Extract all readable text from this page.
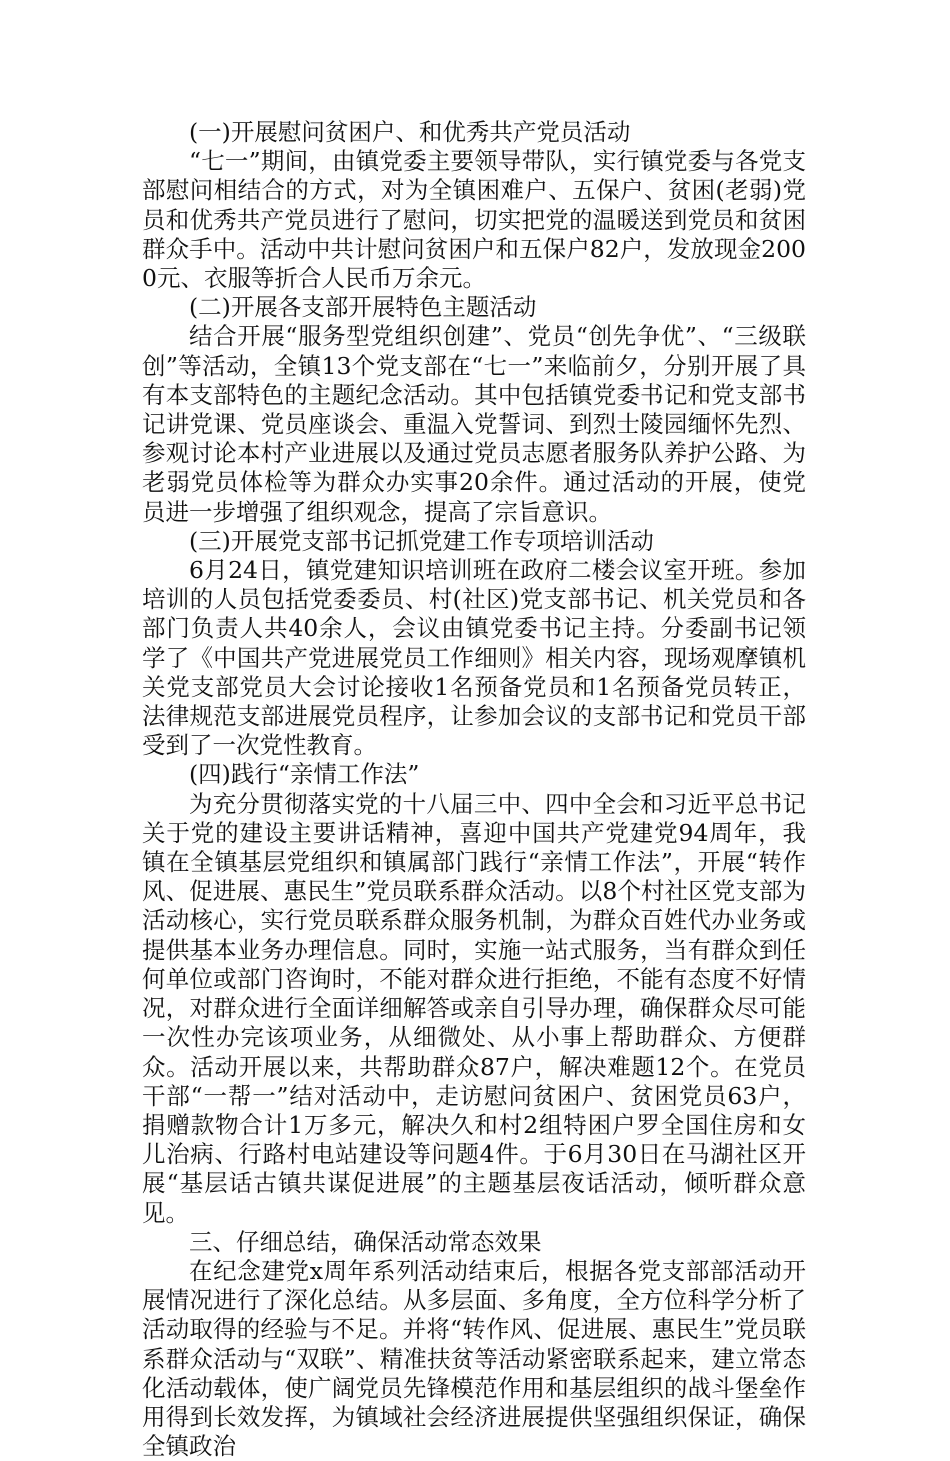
(一)开展慰问贫困户、和优秀共产党员活动

“七一”期间，由镇党委主要领导带队，实行镇党委与各党支部慰问相结合的方式，对为全镇困难户、五保户、贫困(老弱)党员和优秀共产党员进行了慰问，切实把党的温暖送到党员和贫困群众手中。活动中共计慰问贫困户和五保户82户，发放现金2000元、衣服等折合人民币万余元。

(二)开展各支部开展特色主题活动

结合开展“服务型党组织创建”、党员“创先争优”、“三级联创”等活动，全镇13个党支部在“七一”来临前夕，分别开展了具有本支部特色的主题纪念活动。其中包括镇党委书记和党支部书记讲党课、党员座谈会、重温入党誓词、到烈士陵园缅怀先烈、参观讨论本村产业进展以及通过党员志愿者服务队养护公路、为老弱党员体检等为群众办实事20余件。通过活动的开展，使党员进一步增强了组织观念，提高了宗旨意识。

(三)开展党支部书记抓党建工作专项培训活动

6月24日，镇党建知识培训班在政府二楼会议室开班。参加培训的人员包括党委委员、村(社区)党支部书记、机关党员和各部门负责人共40余人，会议由镇党委书记主持。分委副书记领学了《中国共产党进展党员工作细则》相关内容，现场观摩镇机关党支部党员大会讨论接收1名预备党员和1名预备党员转正，法律规范支部进展党员程序，让参加会议的支部书记和党员干部受到了一次党性教育。

(四)践行“亲情工作法”

为充分贯彻落实党的十八届三中、四中全会和习近平总书记关于党的建设主要讲话精神，喜迎中国共产党建党94周年，我镇在全镇基层党组织和镇属部门践行“亲情工作法”，开展“转作风、促进展、惠民生”党员联系群众活动。以8个村社区党支部为活动核心，实行党员联系群众服务机制，为群众百姓代办业务或提供基本业务办理信息。同时，实施一站式服务，当有群众到任何单位或部门咨询时，不能对群众进行拒绝，不能有态度不好情况，对群众进行全面详细解答或亲自引导办理，确保群众尽可能一次性办完该项业务，从细微处、从小事上帮助群众、方便群众。活动开展以来，共帮助群众87户，解决难题12个。在党员干部“一帮一”结对活动中，走访慰问贫困户、贫困党员63户，捐赠款物合计1万多元，解决久和村2组特困户罗全国住房和女儿治病、行路村电站建设等问题4件。于6月30日在马湖社区开展“基层话古镇共谋促进展”的主题基层夜话活动，倾听群众意见。

三、仔细总结，确保活动常态效果

在纪念建党x周年系列活动结束后，根据各党支部部活动开展情况进行了深化总结。从多层面、多角度，全方位科学分析了活动取得的经验与不足。并将“转作风、促进展、惠民生”党员联系群众活动与“双联”、精准扶贫等活动紧密联系起来，建立常态化活动载体，使广阔党员先锋模范作用和基层组织的战斗堡垒作用得到长效发挥，为镇域社会经济进展提供坚强组织保证，确保全镇政治
